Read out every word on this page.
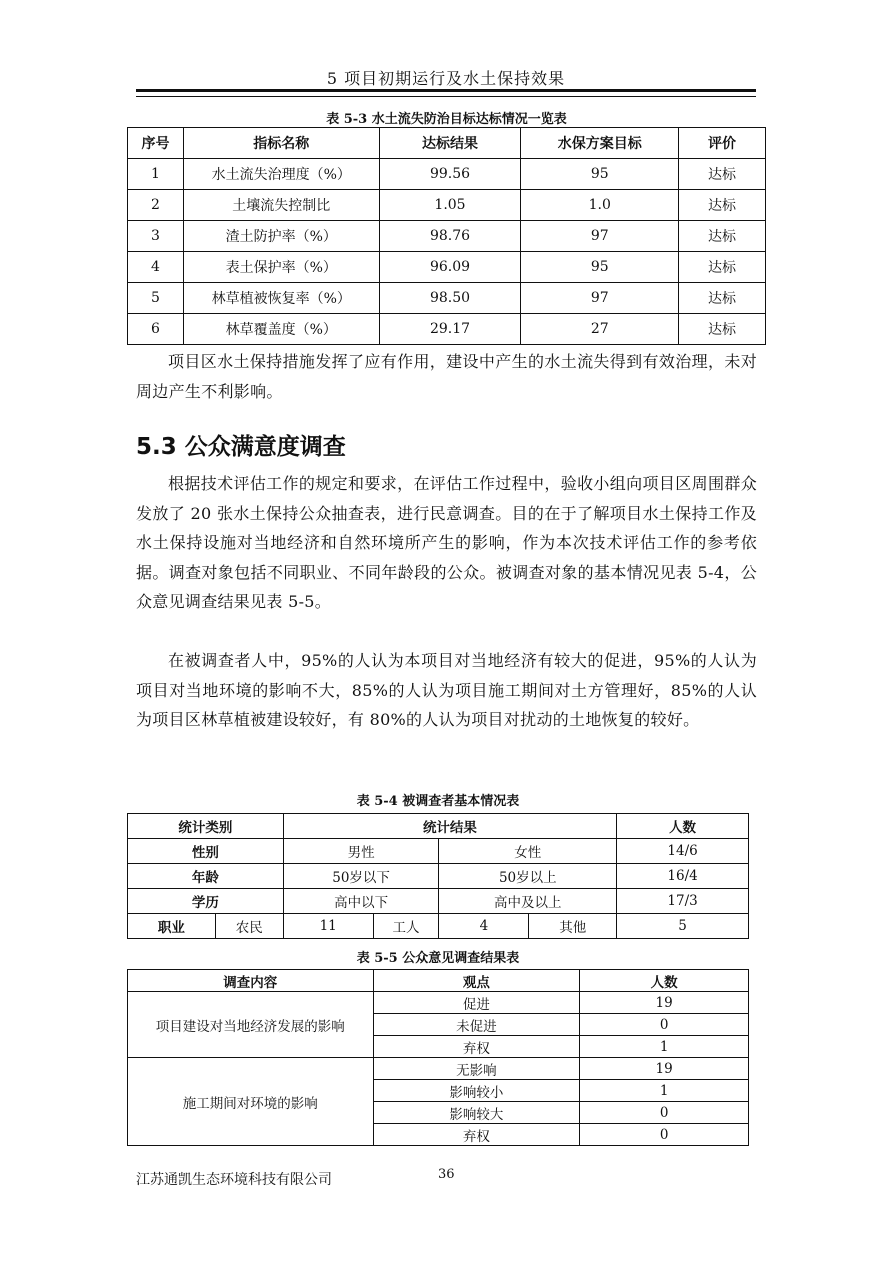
5 项目初期运行及水土保持效果
表 5-3 水土流失防治目标达标情况一览表
序号	指标名称	达标结果	水保方案目标	评价
1	水土流失治理度（%）	99.56	95	达标
2	土壤流失控制比	1.05	1.0	达标
3	渣土防护率（%）	98.76	97	达标
4	表土保护率（%）	96.09	95	达标
5	林草植被恢复率（%）	98.50	97	达标
6	林草覆盖度（%）	29.17	27	达标

项目区水土保持措施发挥了应有作用，建设中产生的水土流失得到有效治理，未对周边产生不利影响。

5.3 公众满意度调查

根据技术评估工作的规定和要求，在评估工作过程中，验收小组向项目区周围群众发放了 20 张水土保持公众抽查表，进行民意调查。目的在于了解项目水土保持工作及水土保持设施对当地经济和自然环境所产生的影响，作为本次技术评估工作的参考依据。调查对象包括不同职业、不同年龄段的公众。被调查对象的基本情况见表 5-4，公众意见调查结果见表 5-5。

在被调查者人中，95%的人认为本项目对当地经济有较大的促进，95%的人认为项目对当地环境的影响不大，85%的人认为项目施工期间对土方管理好，85%的人认为项目区林草植被建设较好，有 80%的人认为项目对扰动的土地恢复的较好。

表 5-4 被调查者基本情况表
统计类别		统计结果				人数
性别		男性		女性		14/6
年龄		50岁以下		50岁以上		16/4
学历		高中以下		高中及以上		17/3
职业	农民	11	工人	4	其他	5
表 5-5 公众意见调查结果表
调查内容	观点	人数
项目建设对当地经济发展的影响	促进	19
	未促进	0
	弃权	1
施工期间对环境的影响	无影响	19
	影响较小	1
	影响较大	0
	弃权	0
江苏通凯生态环境科技有限公司	36
